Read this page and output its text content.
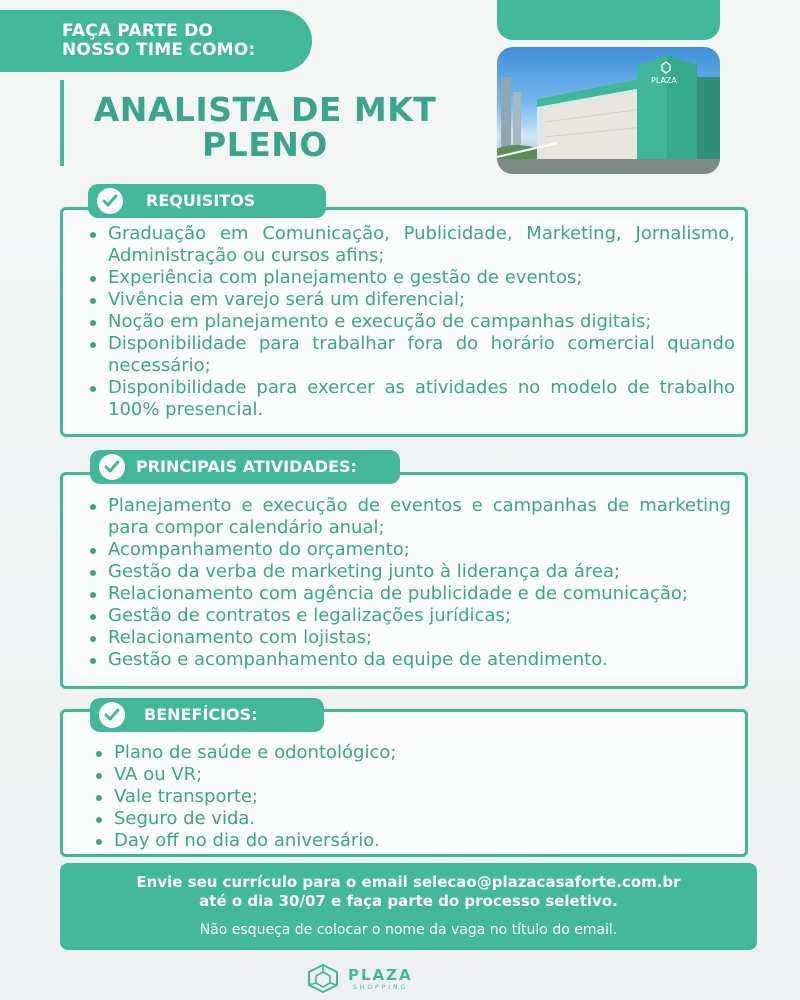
FAÇA PARTE DO
NOSSO TIME COMO:
ANALISTA DE MKT
PLENO
PLAZA
Graduação em Comunicação, Publicidade, Marketing, Jornalismo, Administração ou cursos afins;
Experiência com planejamento e gestão de eventos;
Vivência em varejo será um diferencial;
Noção em planejamento e execução de campanhas digitais;
Disponibilidade para trabalhar fora do horário comercial quando necessário;
Disponibilidade para exercer as atividades no modelo de trabalho 100% presencial.
REQUISITOS
Planejamento e execução de eventos e campanhas de marketing para compor calendário anual;
Acompanhamento do orçamento;
Gestão da verba de marketing junto à liderança da área;
Relacionamento com agência de publicidade e de comunicação;
Gestão de contratos e legalizações jurídicas;
Relacionamento com lojistas;
Gestão e acompanhamento da equipe de atendimento.
PRINCIPAIS ATIVIDADES:
Plano de saúde e odontológico;
VA ou VR;
Vale transporte;
Seguro de vida.
Day off no dia do aniversário.
BENEFÍCIOS:
Envie seu currículo para o email selecao@plazacasaforte.com.br
até o dia 30/07 e faça parte do processo seletivo.
Não esqueça de colocar o nome da vaga no título do email.
PLAZA
SHOPPING
